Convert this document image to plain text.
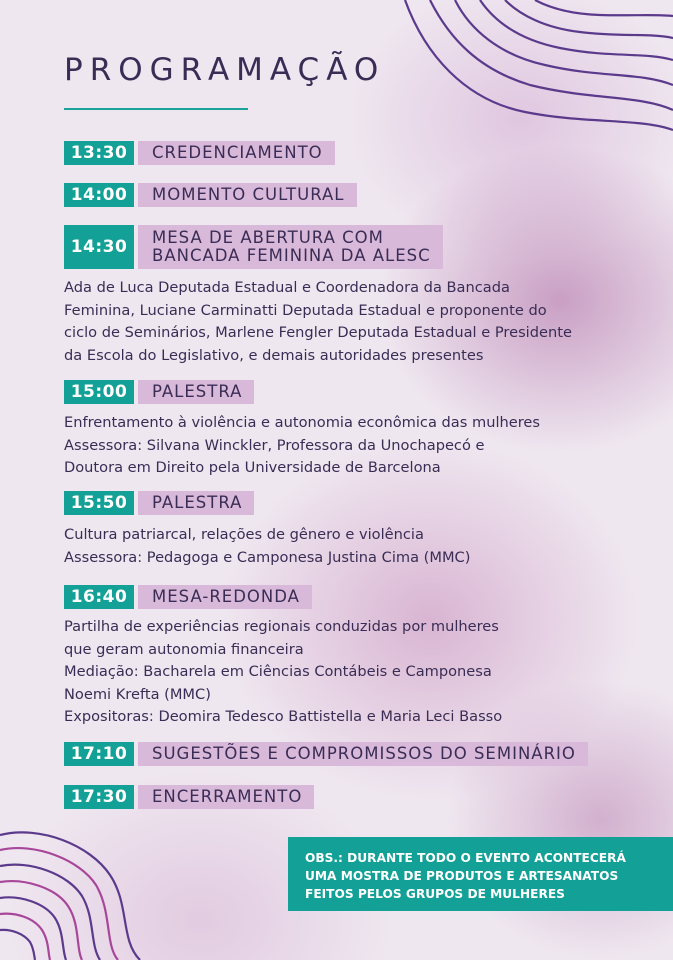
PROGRAMAÇÃO
13:30	CREDENCIAMENTO
14:00	MOMENTO CULTURAL
14:30	MESA DE ABERTURA COM
BANCADA FEMININA DA ALESC
Ada de Luca Deputada Estadual e Coordenadora da Bancada
Feminina, Luciane Carminatti Deputada Estadual e proponente do
ciclo de Seminários, Marlene Fengler Deputada Estadual e Presidente
da Escola do Legislativo, e demais autoridades presentes
15:00	PALESTRA
Enfrentamento à violência e autonomia econômica das mulheres
Assessora: Silvana Winckler, Professora da Unochapecó e
Doutora em Direito pela Universidade de Barcelona
15:50	PALESTRA
Cultura patriarcal, relações de gênero e violência
Assessora: Pedagoga e Camponesa Justina Cima (MMC)
16:40	MESA-REDONDA
Partilha de experiências regionais conduzidas por mulheres
que geram autonomia financeira
Mediação: Bacharela em Ciências Contábeis e Camponesa
Noemi Krefta (MMC)
Expositoras: Deomira Tedesco Battistella e Maria Leci Basso
17:10	SUGESTÕES E COMPROMISSOS DO SEMINÁRIO
17:30	ENCERRAMENTO
OBS.: DURANTE TODO O EVENTO ACONTECERÁ
UMA MOSTRA DE PRODUTOS E ARTESANATOS
FEITOS PELOS GRUPOS DE MULHERES
